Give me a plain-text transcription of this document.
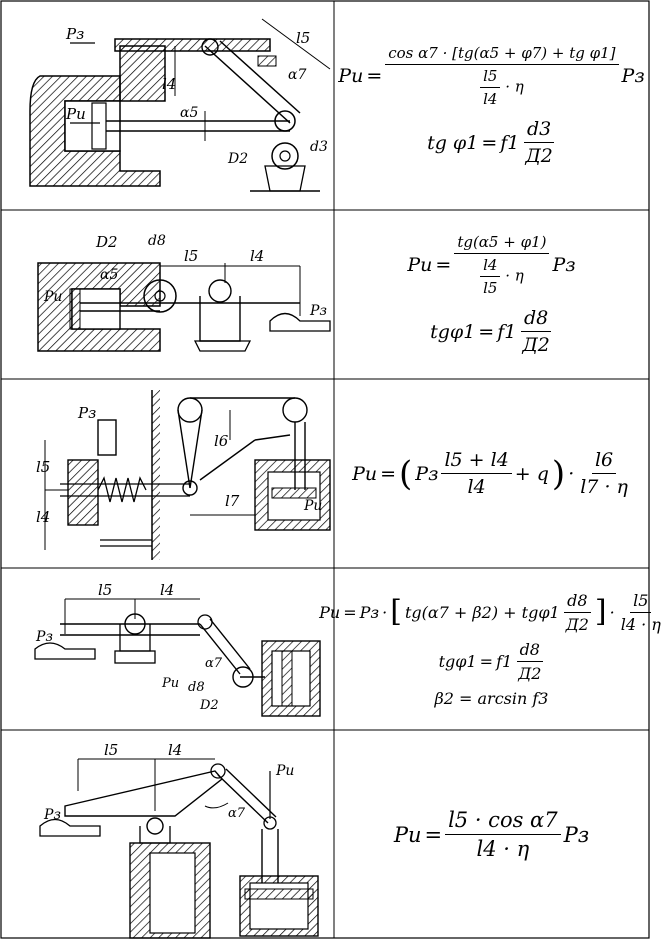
Pз
Pи
l5
l4	α7
α5
D2
d3
Pи = $\frac{\text{cos α7 · [tg(α5 + φ7) + tg φ1]}}{\frac{l5}{l4} \cdot \eta}$ Pз
tg $\varphi 1 = f1 \frac{d3}{Д2}$
D2 d8
l5	l4
α5
Pи
Pз
Pи = $\frac{tg(\alpha 5 + \varphi 1)}{\frac{l4}{l5} \cdot \eta}$ Pз
$tg\varphi 1 = f1 \frac{d8}{Д2}$
Pз
l5
l4
l6
l7	Pи
Pи = ( Pз $\frac{l5 + l4}{l4} + q$ ) · $\frac{l6}{l7 \cdot \eta}$
l5	l4
Pз
Pи
α7
d8
D2
Pи = Pз · [ $tg(\alpha 7 + \beta 2) + tg\varphi 1 \frac{d8}{Д2}$ ] · $\frac{l5}{l4 \cdot \eta}$
$tg\varphi 1 = f1 \frac{d8}{Д2}$
β2 = arcsin f3
l5	l4
Pз
Pи
α7
Pи = $\frac{\text{l5 · cos α7}}{l4 \cdot \eta}$ Pз
